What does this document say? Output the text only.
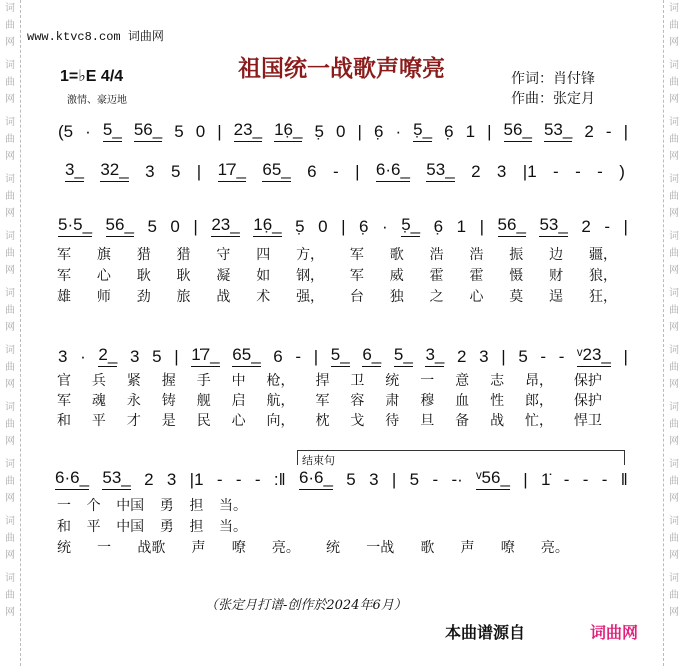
词
曲
网
词
曲
网
词
曲
网
词
曲
网
词
曲
网
词
曲
网
词
曲
网
词
曲
网
词
曲
网
词
曲
网
词
曲
网
词
曲
网
词
曲
网
词
曲
网
词
曲
网
词
曲
网
词
曲
网
词
曲
网
词
曲
网
词
曲
网
词
曲
网
词
曲
网
www.ktvc8.com 词曲网
祖国统一战歌声嘹亮
1=♭E 4/4
激情、豪迈地
作词：肖付锋
作曲：张定月
(5 · 5_ 56_ 5 0 | 23_ 16̣_ 5̣ 0 | 6̣ · 5̣_ 6̣ 1 | 56_ 53_ 2 - |
3_ 32_ 3 5 | 1̇7_ 65_ 6 - | 6·6_ 53_ 2 3 |1 - - - )
5·5_ 56_ 5 0 | 23_ 16̣_ 5̣ 0 | 6̣ · 5̣_ 6̣ 1 | 56_ 53_ 2 - |
3 · 2_ 3 5 | 1̇7_ 65_ 6 - | 5_ 6_ 5_ 3_ 2 3 | 5 - - ᵛ23_ |
结束句
6·6_ 53_ 2 3 |1 - - - :‖ 6·6_ 5 3 | 5 - -· ᵛ56_ | 1̇ - - - ‖
军 旗 猎 猎 守 四 方， 军 歌 浩 浩 振 边 疆，
军 心 耿 耿 凝 如 钢， 军 威 霍 霍 慑 财 狼，
雄 师 劲 旅 战 术 强， 台 独 之 心 莫 逞 狂，
官 兵 紧 握 手 中 枪， 捍 卫 统 一 意 志 昂， 保护
军 魂 永 铸 舰 启 航， 军 容 肃 穆 血 性 郎， 保护
和 平 才 是 民 心 向， 枕 戈 待 旦 备 战 忙， 悍卫
一 个 中国 勇 担 当。
和 平 中国 勇 担 当。
统 一 战歌 声 嘹 亮。 统 一战 歌 声 嘹 亮。
（张定月打谱-创作於2024年6月）
本曲谱源自	词曲网
